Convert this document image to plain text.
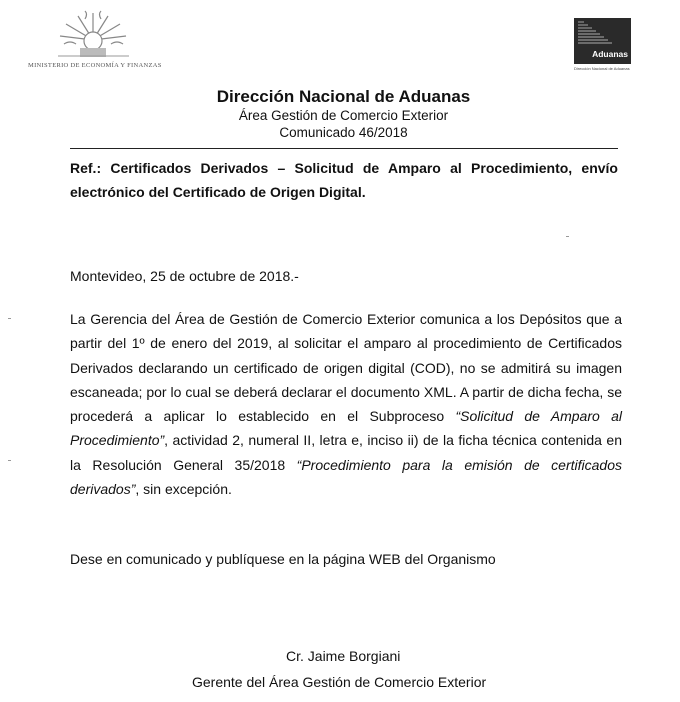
MINISTERIO DE ECONOMÍA Y FINANZAS
Aduanas
Dirección Nacional de Aduanas
Dirección Nacional de Aduanas
Área Gestión de Comercio Exterior
Comunicado 46/2018
Ref.: Certificados Derivados – Solicitud de Amparo al Procedimiento, envío electrónico del Certificado de Origen Digital.
Montevideo, 25 de octubre de 2018.-
La Gerencia del Área de Gestión de Comercio Exterior comunica a los Depósitos que a partir del 1º de enero del 2019, al solicitar el amparo al procedimiento de Certificados Derivados declarando un certificado de origen digital (COD), no se admitirá su imagen escaneada; por lo cual se deberá declarar el documento XML. A partir de dicha fecha, se procederá a aplicar lo establecido en el Subproceso “Solicitud de Amparo al Procedimiento”, actividad 2, numeral II, letra e, inciso ii) de la ficha técnica contenida en la Resolución General 35/2018 “Procedimiento para la emisión de certificados derivados”, sin excepción.
Dese en comunicado y publíquese en la página WEB del Organismo
Cr. Jaime Borgiani
Gerente del Área Gestión de Comercio Exterior
